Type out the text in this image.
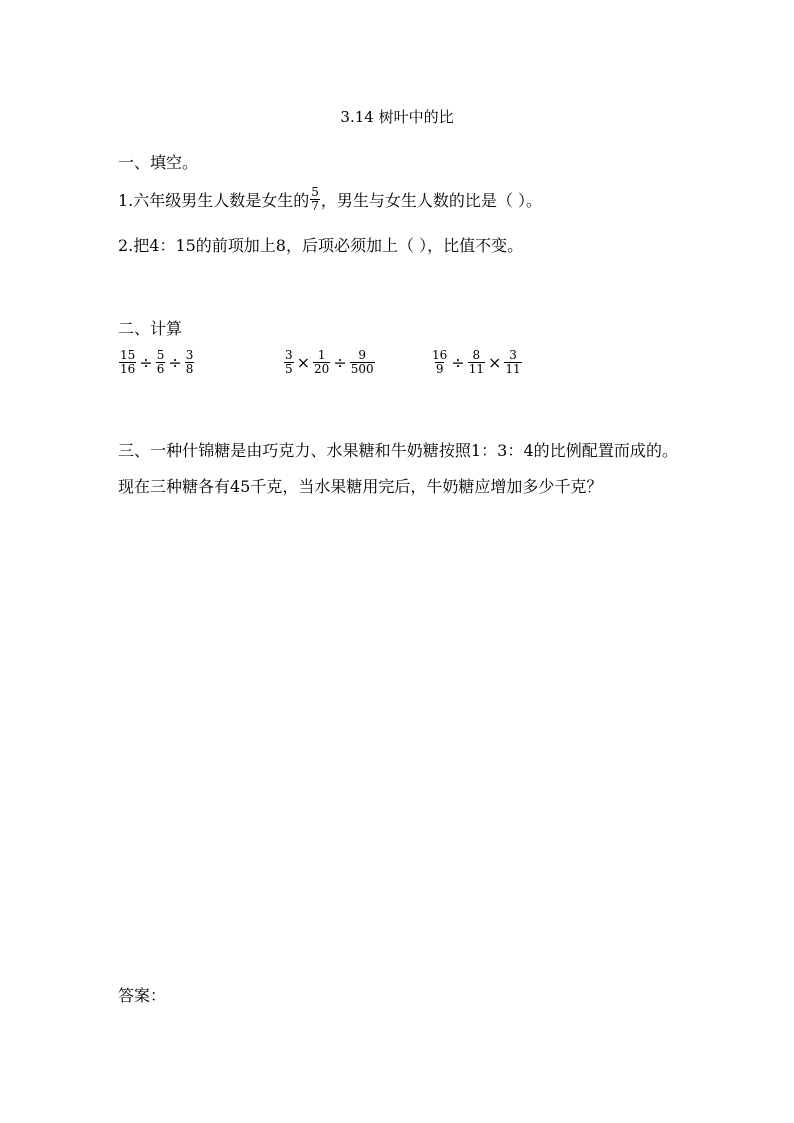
3.14 树叶中的比
一、填空。
1.六年级男生人数是女生的 $\frac{5}{7}$ ，男生与女生人数的比是（ ）。
2.把4：15的前项加上8，后项必须加上（ ），比值不变。
二、计算
$\frac{15}{16} \div \frac{5}{6} \div \frac{3}{8}$	$\frac{3}{5} \times \frac{1}{20} \div \frac{9}{500}$	$\frac{16}{9} \div \frac{8}{11} \times \frac{3}{11}$
三、一种什锦糖是由巧克力、水果糖和牛奶糖按照1：3：4的比例配置而成的。现在三种糖各有45千克，当水果糖用完后，牛奶糖应增加多少千克？
答案：
